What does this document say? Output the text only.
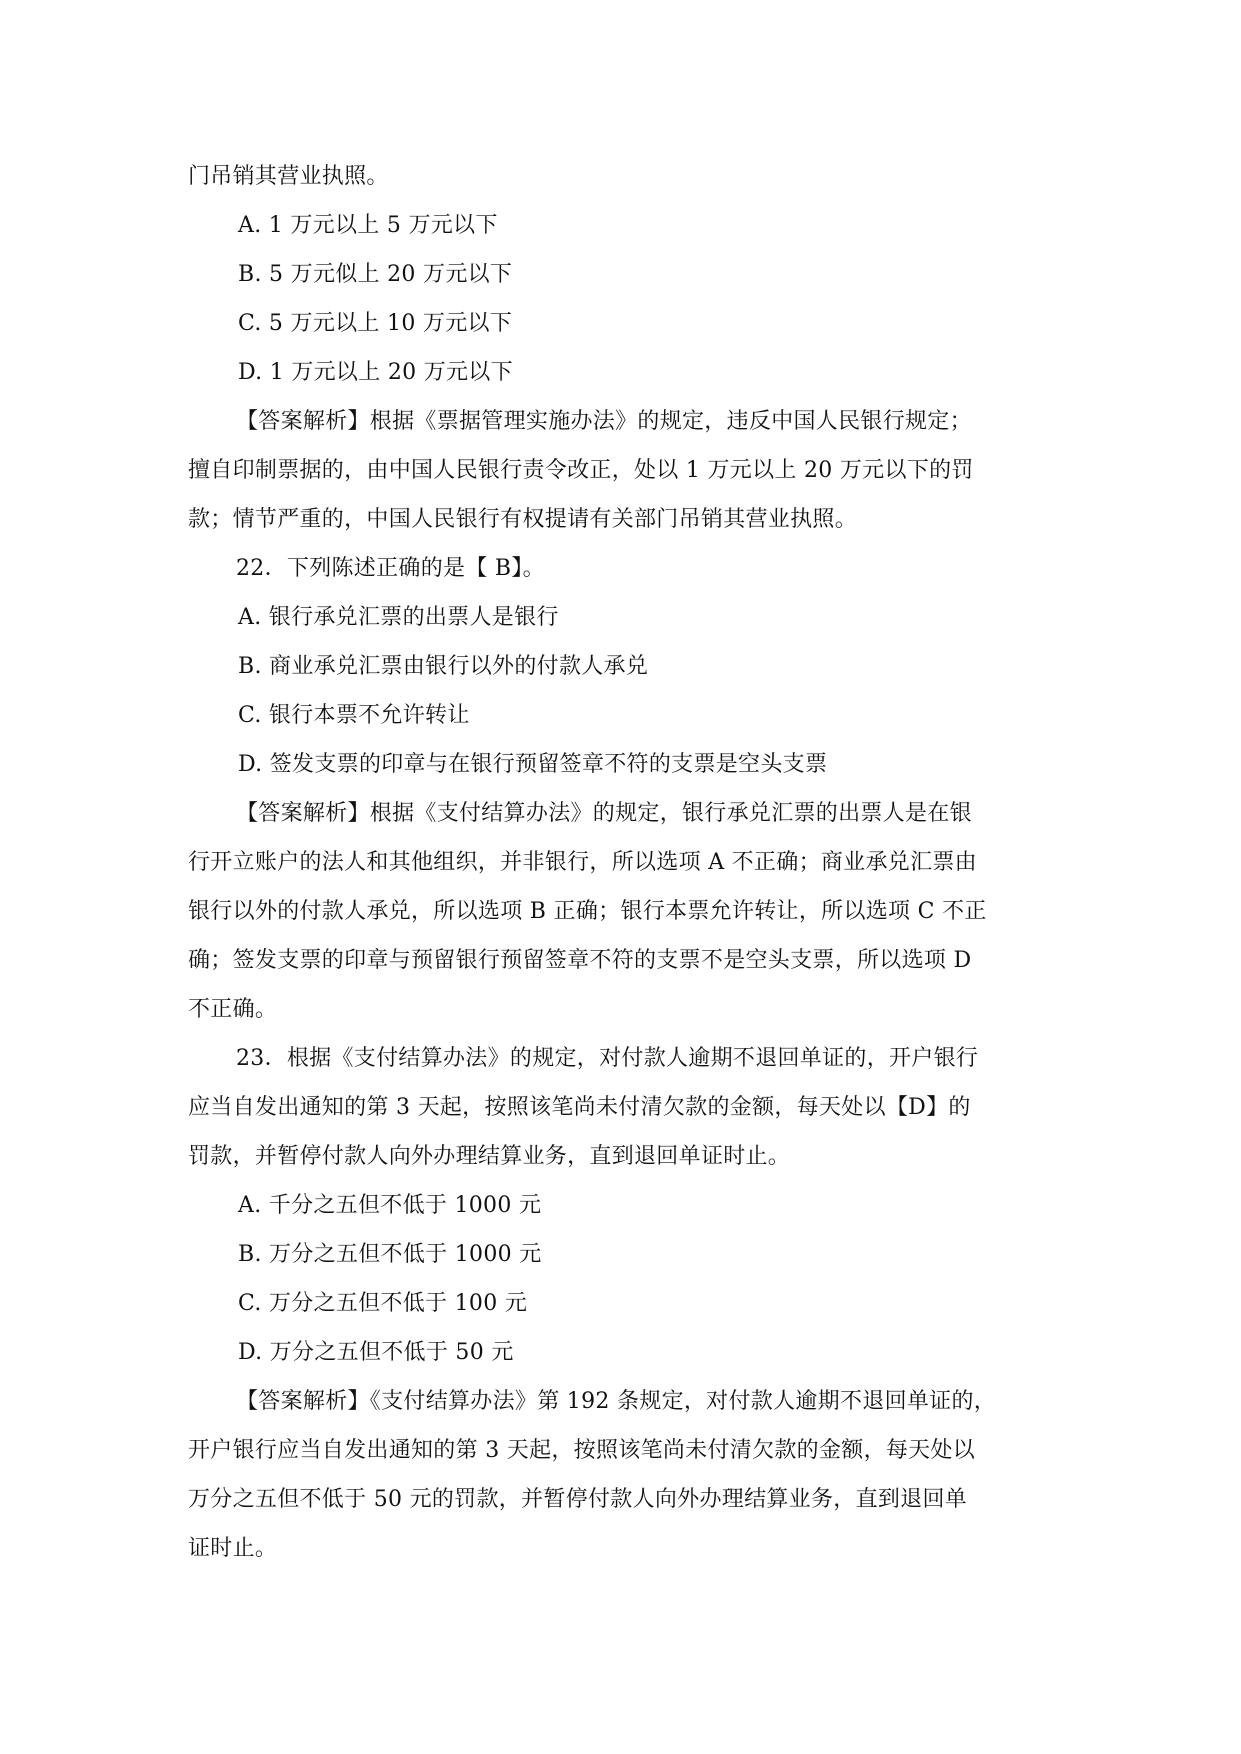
门吊销其营业执照。
A. 1 万元以上 5 万元以下
B. 5 万元似上 20 万元以下
C. 5 万元以上 10 万元以下
D. 1 万元以上 20 万元以下
【答案解析】根据《票据管理实施办法》的规定，违反中国人民银行规定；
擅自印制票据的，由中国人民银行责令改正，处以 1 万元以上 20 万元以下的罚
款；情节严重的，中国人民银行有权提请有关部门吊销其营业执照。
22．下列陈述正确的是【 B】。
A. 银行承兑汇票的出票人是银行
B. 商业承兑汇票由银行以外的付款人承兑
C. 银行本票不允许转让
D. 签发支票的印章与在银行预留签章不符的支票是空头支票
【答案解析】根据《支付结算办法》的规定，银行承兑汇票的出票人是在银
行开立账户的法人和其他组织，并非银行，所以选项 A 不正确；商业承兑汇票由
银行以外的付款人承兑，所以选项 B 正确；银行本票允许转让，所以选项 C 不正
确；签发支票的印章与预留银行预留签章不符的支票不是空头支票，所以选项 D
不正确。
23．根据《支付结算办法》的规定，对付款人逾期不退回单证的，开户银行
应当自发出通知的第 3 天起，按照该笔尚未付清欠款的金额，每天处以【D】的
罚款，并暂停付款人向外办理结算业务，直到退回单证时止。
A. 千分之五但不低于 1000 元
B. 万分之五但不低于 1000 元
C. 万分之五但不低于 100 元
D. 万分之五但不低于 50 元
【答案解析】《支付结算办法》第 192 条规定，对付款人逾期不退回单证的，
开户银行应当自发出通知的第 3 天起，按照该笔尚未付清欠款的金额，每天处以
万分之五但不低于 50 元的罚款，并暂停付款人向外办理结算业务，直到退回单
证时止。
